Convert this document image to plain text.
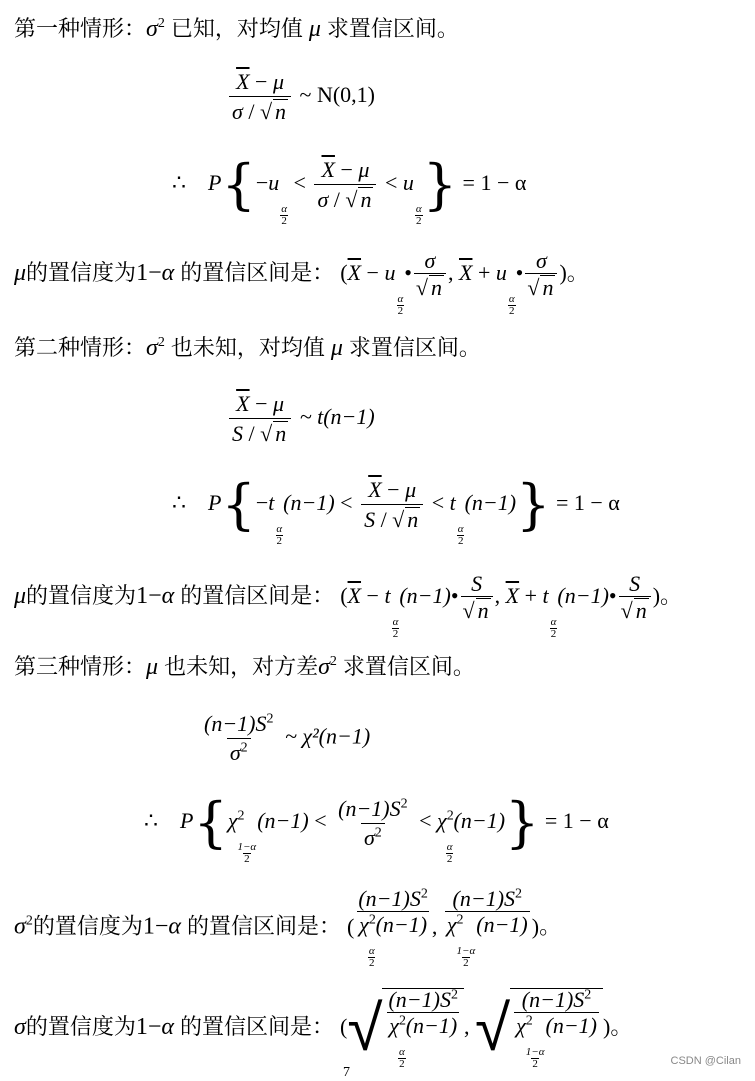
第一种情形：$\sigma^2$ 已知，对均值 μ 求置信区间。
$\frac{\overline{X} - \mu}{\sigma / √ n}$ ~ N(0,1)
∴ P{−u
$\frac{\alpha}{2}$
< $\frac{\overline{X} - \mu}{\sigma / √ n} < u$
$\frac{\alpha}{2}$ } = 1 − α
μ的置信度为1−α 的置信区间是： ($\overline{X} - u$
$\frac{\alpha}{2}$
• $\frac{\sigma}{√ n}$ , $\overline{X} + u$
$\frac{\alpha}{2}$
• $\frac{\sigma}{√ n}$ )。
第二种情形：$\sigma^2$ 也未知，对均值 μ 求置信区间。
$\frac{\overline{X} - \mu}{S / √ n}$ ~ t(n−1)
∴ P{−t
$\frac{\alpha}{2}$
$(n-1) < \frac{\overline{X} - \mu}{S / √ n} < t$
$\frac{\alpha}{2}$
(n−1)} = 1 − α
μ的置信度为1−α 的置信区间是： ($\overline{X} - t$
$\frac{\alpha}{2}$
(n−1)• $\frac{S}{√ n}$ , $\overline{X} + t$
$\frac{\alpha}{2}$
(n−1)• $\frac{S}{√ n}$ )。
第三种情形：μ 也未知，对方差$\sigma^2$ 求置信区间。
$\frac{(n-1)S^2}{\sigma^2}$ ~ χ²(n−1)
∴ $P\{\chi^2$
$\frac{1-\alpha}{2}$
$(n-1) < \frac{(n-1)S^2}{\sigma^2} < \chi^2$
$\frac{\alpha}{2}$
(n−1)} = 1 − α
$\sigma^2$的置信度为1−α 的置信区间是： ( $(n-1)S^2$
$\chi^2$
$\frac{\alpha}{2}$
(n−1) , $(n-1)S^2$
$\chi^2$
$\frac{1-\alpha}{2}$
(n−1) )。
σ的置信度为1−α 的置信区间是： (√ $(n-1)S^2$
$\chi^2$
$\frac{\alpha}{2}$
(n−1) , √ $(n-1)S^2$
$\chi^2$
$\frac{1-\alpha}{2}$
(n−1) )。
CSDN @Cilan
7
